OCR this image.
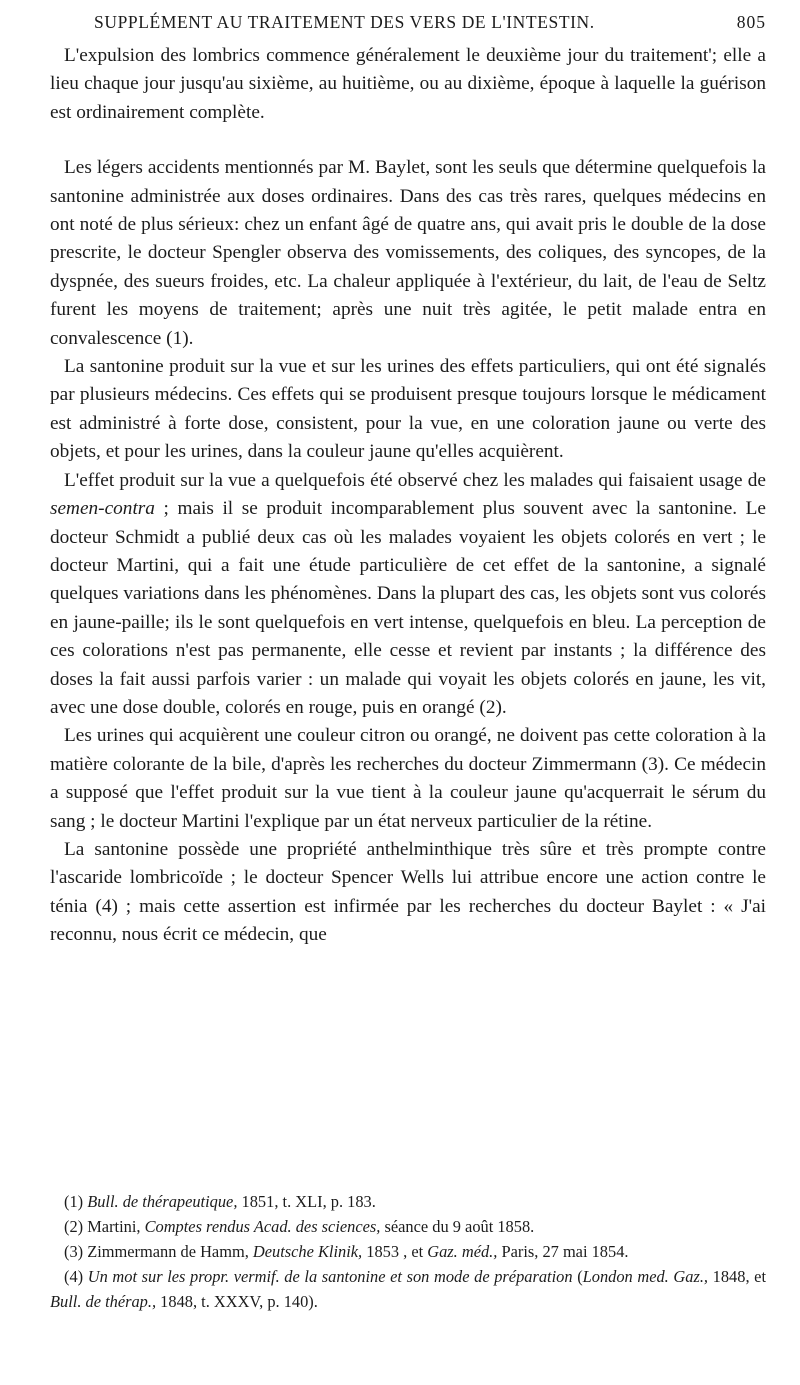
SUPPLÉMENT AU TRAITEMENT DES VERS DE L'INTESTIN.	805

L'expulsion des lombrics commence généralement le deuxième jour du traitement'; elle a lieu chaque jour jusqu'au sixième, au huitième, ou au dixième, époque à laquelle la guérison est ordinairement complète.

Les légers accidents mentionnés par M. Baylet, sont les seuls que détermine quelquefois la santonine administrée aux doses ordinaires. Dans des cas très rares, quelques médecins en ont noté de plus sérieux: chez un enfant âgé de quatre ans, qui avait pris le double de la dose prescrite, le docteur Spengler observa des vomissements, des coliques, des syncopes, de la dyspnée, des sueurs froides, etc. La chaleur appliquée à l'extérieur, du lait, de l'eau de Seltz furent les moyens de traitement; après une nuit très agitée, le petit malade entra en convalescence (1).

La santonine produit sur la vue et sur les urines des effets particuliers, qui ont été signalés par plusieurs médecins. Ces effets qui se produisent presque toujours lorsque le médicament est administré à forte dose, consistent, pour la vue, en une coloration jaune ou verte des objets, et pour les urines, dans la couleur jaune qu'elles acquièrent.

L'effet produit sur la vue a quelquefois été observé chez les malades qui faisaient usage de semen-contra ; mais il se produit incomparablement plus souvent avec la santonine. Le docteur Schmidt a publié deux cas où les malades voyaient les objets colorés en vert ; le docteur Martini, qui a fait une étude particulière de cet effet de la santonine, a signalé quelques variations dans les phénomènes. Dans la plupart des cas, les objets sont vus colorés en jaune-paille; ils le sont quelquefois en vert intense, quelquefois en bleu. La perception de ces colorations n'est pas permanente, elle cesse et revient par instants ; la différence des doses la fait aussi parfois varier : un malade qui voyait les objets colorés en jaune, les vit, avec une dose double, colorés en rouge, puis en orangé (2).

Les urines qui acquièrent une couleur citron ou orangé, ne doivent pas cette coloration à la matière colorante de la bile, d'après les recherches du docteur Zimmermann (3). Ce médecin a supposé que l'effet produit sur la vue tient à la couleur jaune qu'acquerrait le sérum du sang ; le docteur Martini l'explique par un état nerveux particulier de la rétine.

La santonine possède une propriété anthelminthique très sûre et très prompte contre l'ascaride lombricoïde ; le docteur Spencer Wells lui attribue encore une action contre le ténia (4) ; mais cette assertion est infirmée par les recherches du docteur Baylet : « J'ai reconnu, nous écrit ce médecin, que

(1) Bull. de thérapeutique, 1851, t. XLI, p. 183.

(2) Martini, Comptes rendus Acad. des sciences, séance du 9 août 1858.

(3) Zimmermann de Hamm, Deutsche Klinik, 1853 , et Gaz. méd., Paris, 27 mai 1854.

(4) Un mot sur les propr. vermif. de la santonine et son mode de préparation (London med. Gaz., 1848, et Bull. de thérap., 1848, t. XXXV, p. 140).
